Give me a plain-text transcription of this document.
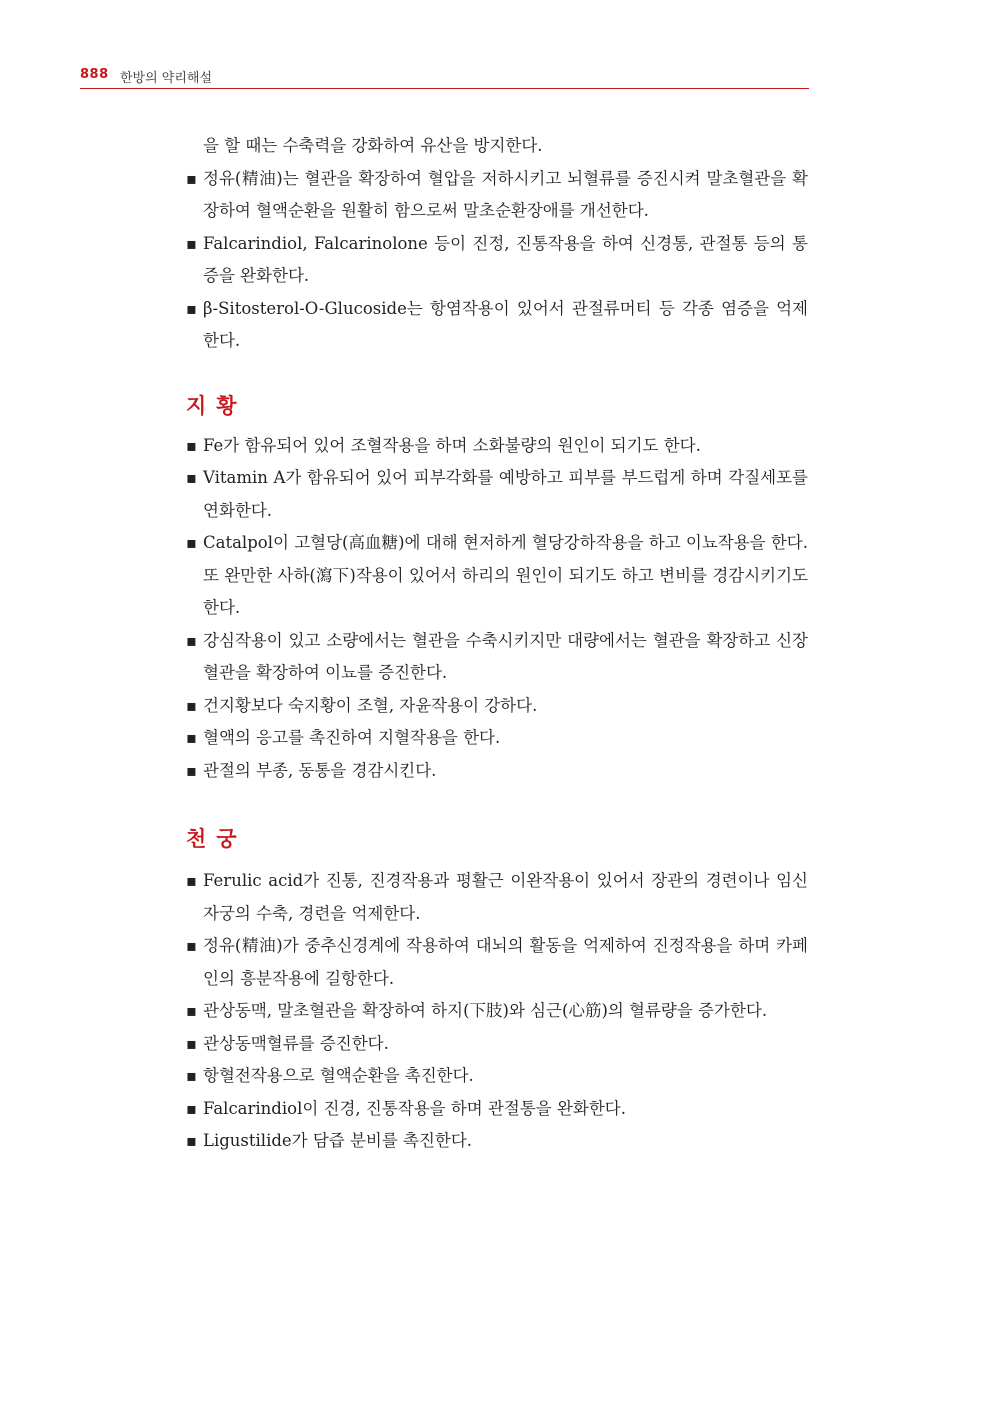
888 한방의 약리해설

을 할 때는 수축력을 강화하여 유산을 방지한다.

▪ 정유(精油)는 혈관을 확장하여 혈압을 저하시키고 뇌혈류를 증진시켜 말초혈관을 확장하여 혈액순환을 원활히 함으로써 말초순환장애를 개선한다.

▪ Falcarindiol, Falcarinolone 등이 진정, 진통작용을 하여 신경통, 관절통 등의 통증을 완화한다.

▪ β-Sitosterol-O-Glucoside는 항염작용이 있어서 관절류머티 등 각종 염증을 억제한다.

지황

▪ Fe가 함유되어 있어 조혈작용을 하며 소화불량의 원인이 되기도 한다.

▪ Vitamin A가 함유되어 있어 피부각화를 예방하고 피부를 부드럽게 하며 각질세포를 연화한다.

▪ Catalpol이 고혈당(高血糖)에 대해 현저하게 혈당강하작용을 하고 이뇨작용을 한다. 또 완만한 사하(瀉下)작용이 있어서 하리의 원인이 되기도 하고 변비를 경감시키기도 한다.

▪ 강심작용이 있고 소량에서는 혈관을 수축시키지만 대량에서는 혈관을 확장하고 신장혈관을 확장하여 이뇨를 증진한다.

▪ 건지황보다 숙지황이 조혈, 자윤작용이 강하다.

▪ 혈액의 응고를 촉진하여 지혈작용을 한다.

▪ 관절의 부종, 동통을 경감시킨다.

천궁

▪ Ferulic acid가 진통, 진경작용과 평활근 이완작용이 있어서 장관의 경련이나 임신자궁의 수축, 경련을 억제한다.

▪ 정유(精油)가 중추신경계에 작용하여 대뇌의 활동을 억제하여 진정작용을 하며 카페인의 흥분작용에 길항한다.

▪ 관상동맥, 말초혈관을 확장하여 하지(下肢)와 심근(心筋)의 혈류량을 증가한다.

▪ 관상동맥혈류를 증진한다.

▪ 항혈전작용으로 혈액순환을 촉진한다.

▪ Falcarindiol이 진경, 진통작용을 하며 관절통을 완화한다.

▪ Ligustilide가 담즙 분비를 촉진한다.
